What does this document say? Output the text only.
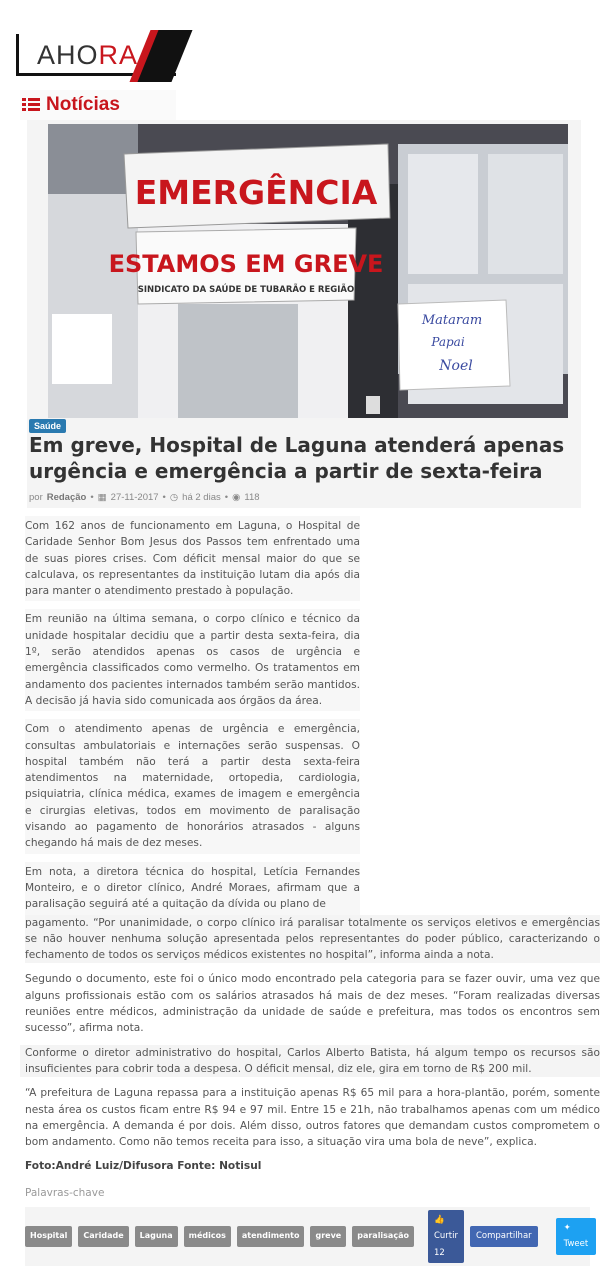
AHORA
Notícias
EMERGÊNCIA
ESTAMOS EM GREVE
SINDICATO DA SAÚDE DE TUBARÃO E REGIÃO
Mataram
Papai
Noel
Saúde
Em greve, Hospital de Laguna atenderá apenas urgência e emergência a partir de sexta-feira
por Redação • ▦ 27-11-2017 • ◷ há 2 dias • ◉ 118

Com 162 anos de funcionamento em Laguna, o Hospital de Caridade Senhor Bom Jesus dos Passos tem enfrentado uma de suas piores crises. Com déficit mensal maior do que se calculava, os representantes da instituição lutam dia após dia para manter o atendimento prestado à população.

Em reunião na última semana, o corpo clínico e técnico da unidade hospitalar decidiu que a partir desta sexta-feira, dia 1º, serão atendidos apenas os casos de urgência e emergência classificados como vermelho. Os tratamentos em andamento dos pacientes internados também serão mantidos. A decisão já havia sido comunicada aos órgãos da área.

Com o atendimento apenas de urgência e emergência, consultas ambulatoriais e internações serão suspensas. O hospital também não terá a partir desta sexta-feira atendimentos na maternidade, ortopedia, cardiologia, psiquiatria, clínica médica, exames de imagem e emergência e cirurgias eletivas, todos em movimento de paralisação visando ao pagamento de honorários atrasados - alguns chegando há mais de dez meses.

Em nota, a diretora técnica do hospital, Letícia Fernandes Monteiro, e o diretor clínico, André Moraes, afirmam que a paralisação seguirá até a quitação da dívida ou plano de

pagamento. “Por unanimidade, o corpo clínico irá paralisar totalmente os serviços eletivos e emergências se não houver nenhuma solução apresentada pelos representantes do poder público, caracterizando o fechamento de todos os serviços médicos existentes no hospital”, informa ainda a nota.

Segundo o documento, este foi o único modo encontrado pela categoria para se fazer ouvir, uma vez que alguns profissionais estão com os salários atrasados há mais de dez meses. “Foram realizadas diversas reuniões entre médicos, administração da unidade de saúde e prefeitura, mas todos os encontros sem sucesso”, afirma nota.

Conforme o diretor administrativo do hospital, Carlos Alberto Batista, há algum tempo os recursos são insuficientes para cobrir toda a despesa. O déficit mensal, diz ele, gira em torno de R$ 200 mil.

“A prefeitura de Laguna repassa para a instituição apenas R$ 65 mil para a hora-plantão, porém, somente nesta área os custos ficam entre R$ 94 e 97 mil. Entre 15 e 21h, não trabalhamos apenas com um médico na emergência. A demanda é por dois. Além disso, outros fatores que demandam custos comprometem o bom andamento. Como não temos receita para isso, a situação vira uma bola de neve”, explica.

Foto:André Luiz/Difusora Fonte: Notisul

Palavras-chave

Hospital	Caridade	Laguna	médicos	atendimento	greve	paralisação
👍 Curtir 12
Compartilhar
✦ Tweet
